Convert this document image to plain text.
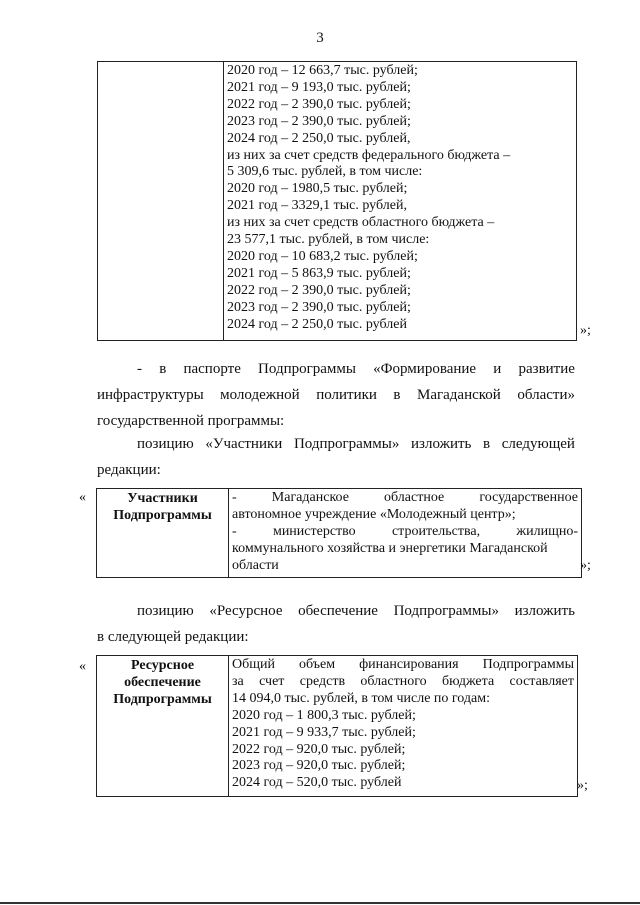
3
2020 год – 12 663,7 тыс. рублей;
2021 год – 9 193,0 тыс. рублей;
2022 год – 2 390,0 тыс. рублей;
2023 год – 2 390,0 тыс. рублей;
2024 год – 2 250,0 тыс. рублей,
из них за счет средств федерального бюджета –
5 309,6 тыс. рублей, в том числе:
2020 год – 1980,5 тыс. рублей;
2021 год – 3329,1 тыс. рублей,
из них за счет средств областного бюджета –
23 577,1 тыс. рублей, в том числе:
2020 год – 10 683,2 тыс. рублей;
2021 год – 5 863,9 тыс. рублей;
2022 год – 2 390,0 тыс. рублей;
2023 год – 2 390,0 тыс. рублей;
2024 год – 2 250,0 тыс. рублей	»;
- в паспорте Подпрограммы «Формирование и развитие
инфраструктуры молодежной политики в Магаданской области»
государственной программы:
позицию «Участники Подпрограммы» изложить в следующей
редакции:
«	Участники Подпрограммы
-	Магаданское	областное	государственное
автономное учреждение «Молодежный центр»;
-	министерство	строительства,	жилищно-
коммунального хозяйства и энергетики Магаданской
области	»;
позицию «Ресурсное обеспечение Подпрограммы» изложить
в следующей редакции:
«	Ресурсное обеспечение Подпрограммы
Общий объем финансирования Подпрограммы
за счет средств областного бюджета составляет
14 094,0 тыс. рублей, в том числе по годам:
2020 год – 1 800,3 тыс. рублей;
2021 год – 9 933,7 тыс. рублей;
2022 год – 920,0 тыс. рублей;
2023 год – 920,0 тыс. рублей;
2024 год – 520,0 тыс. рублей	»;
